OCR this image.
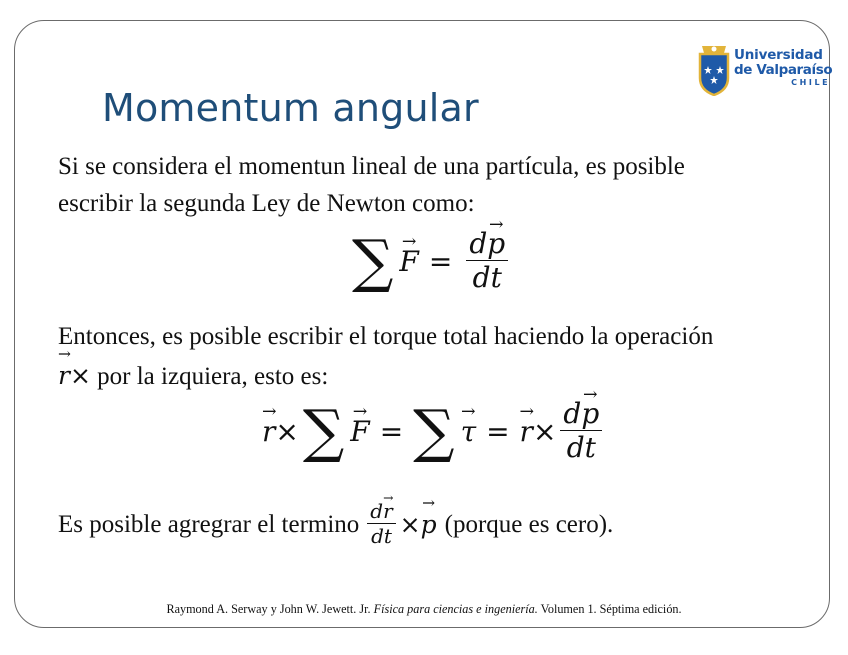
Universidad
de Valparaíso
CHILE
Momentum angular
Si se considera el momentun lineal de una partícula, es posible escribir la segunda Ley de Newton como:
∑ → $F = \frac{d\to p}{dt}$
Entonces, es posible escribir el torque total haciendo la operación
→ r× por la izquiera, esto es:
→ r × ∑ → F = ∑ → τ = → $r \times \frac{d\to p}{dt}$
Es posible agregrar el termino $\frac{d\to r}{dt}$ × → p (porque es cero).
Raymond A. Serway y John W. Jewett. Jr. Física para ciencias e ingeniería. Volumen 1. Séptima edición.
